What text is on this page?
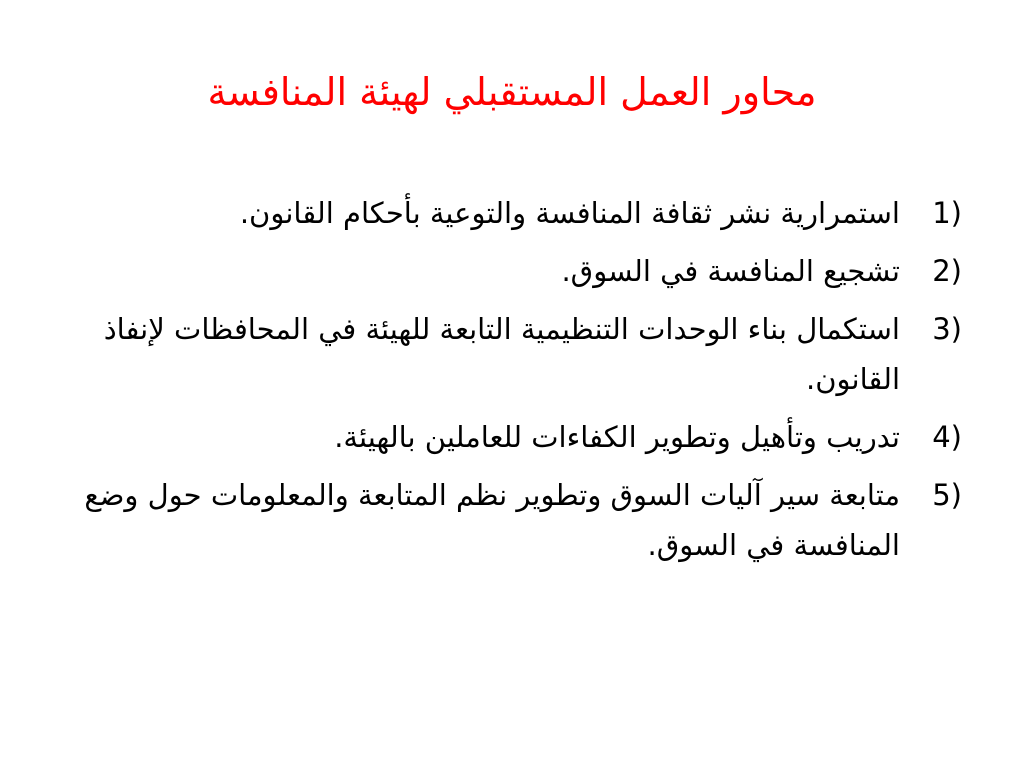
محاور العمل المستقبلي لهيئة المنافسة
1)
استمرارية نشر ثقافة المنافسة والتوعية بأحكام القانون.
2)
تشجيع المنافسة في السوق.
3)
استكمال بناء الوحدات التنظيمية التابعة للهيئة في المحافظات لإنفاذ القانون.
4)
تدريب وتأهيل وتطوير الكفاءات للعاملين بالهيئة.
5)
متابعة سير آليات السوق وتطوير نظم المتابعة والمعلومات حول وضع المنافسة في السوق.
